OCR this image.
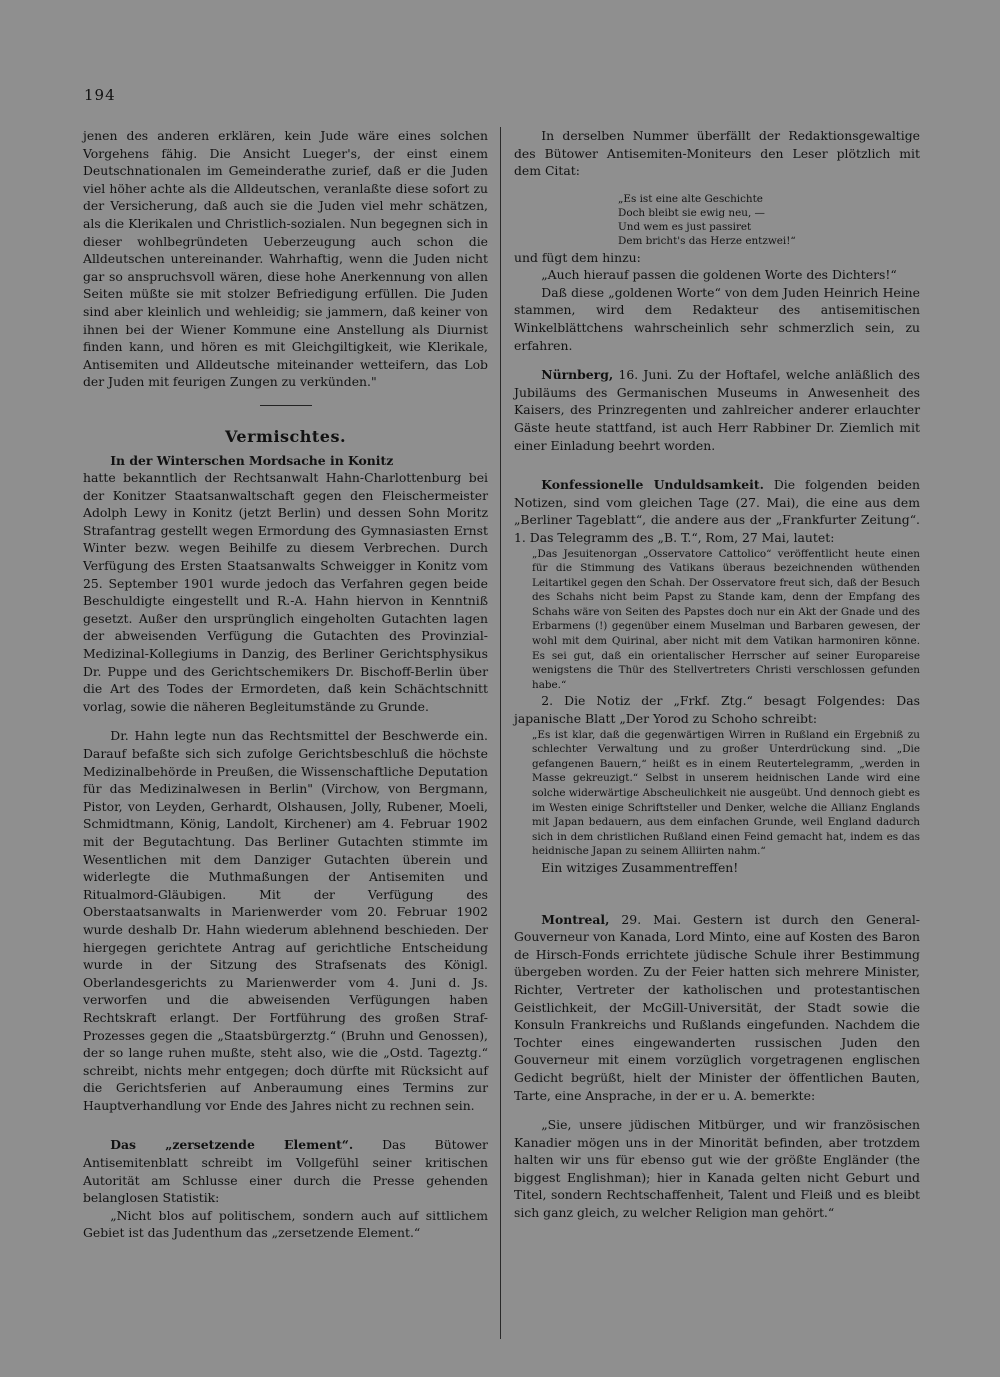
194

jenen des anderen erklären, kein Jude wäre eines solchen Vorgehens fähig. Die Ansicht Lueger's, der einst einem Deutschnationalen im Gemeinderathe zurief, daß er die Juden viel höher achte als die Alldeutschen, veranlaßte diese sofort zu der Versicherung, daß auch sie die Juden viel mehr schätzen, als die Klerikalen und Christlich-sozialen. Nun begegnen sich in dieser wohlbegründeten Ueberzeugung auch schon die Alldeutschen untereinander. Wahrhaftig, wenn die Juden nicht gar so anspruchsvoll wären, diese hohe Anerkennung von allen Seiten müßte sie mit stolzer Befriedigung erfüllen. Die Juden sind aber kleinlich und wehleidig; sie jammern, daß keiner von ihnen bei der Wiener Kommune eine Anstellung als Diurnist finden kann, und hören es mit Gleichgiltigkeit, wie Klerikale, Antisemiten und Alldeutsche miteinander wetteifern, das Lob der Juden mit feurigen Zungen zu verkünden."

Vermischtes.

In der Winterschen Mordsache in Konitz

hatte bekanntlich der Rechtsanwalt Hahn-Charlottenburg bei der Konitzer Staatsanwaltschaft gegen den Fleischermeister Adolph Lewy in Konitz (jetzt Berlin) und dessen Sohn Moritz Strafantrag gestellt wegen Ermordung des Gymnasiasten Ernst Winter bezw. wegen Beihilfe zu diesem Verbrechen. Durch Verfügung des Ersten Staatsanwalts Schweigger in Konitz vom 25. September 1901 wurde jedoch das Verfahren gegen beide Beschuldigte eingestellt und R.-A. Hahn hiervon in Kenntniß gesetzt. Außer den ursprünglich eingeholten Gutachten lagen der abweisenden Verfügung die Gutachten des Provinzial-Medizinal-Kollegiums in Danzig, des Berliner Gerichtsphysikus Dr. Puppe und des Gerichtschemikers Dr. Bischoff-Berlin über die Art des Todes der Ermordeten, daß kein Schächtschnitt vorlag, sowie die näheren Begleitumstände zu Grunde.

Dr. Hahn legte nun das Rechtsmittel der Beschwerde ein. Darauf befaßte sich sich zufolge Gerichtsbeschluß die höchste Medizinalbehörde in Preußen, die Wissenschaftliche Deputation für das Medizinalwesen in Berlin" (Virchow, von Bergmann, Pistor, von Leyden, Gerhardt, Olshausen, Jolly, Rubener, Moeli, Schmidtmann, König, Landolt, Kirchener) am 4. Februar 1902 mit der Begutachtung. Das Berliner Gutachten stimmte im Wesentlichen mit dem Danziger Gutachten überein und widerlegte die Muthmaßungen der Antisemiten und Ritualmord-Gläubigen. Mit der Verfügung des Oberstaatsanwalts in Marienwerder vom 20. Februar 1902 wurde deshalb Dr. Hahn wiederum ablehnend beschieden. Der hiergegen gerichtete Antrag auf gerichtliche Entscheidung wurde in der Sitzung des Strafsenats des Königl. Oberlandesgerichts zu Marienwerder vom 4. Juni d. Js. verworfen und die abweisenden Verfügungen haben Rechtskraft erlangt. Der Fortführung des großen Straf-Prozesses gegen die „Staatsbürgerztg.“ (Bruhn und Genossen), der so lange ruhen mußte, steht also, wie die „Ostd. Tageztg.“ schreibt, nichts mehr entgegen; doch dürfte mit Rücksicht auf die Gerichtsferien auf Anberaumung eines Termins zur Hauptverhandlung vor Ende des Jahres nicht zu rechnen sein.

Das „zersetzende Element“. Das Bütower Antisemitenblatt schreibt im Vollgefühl seiner kritischen Autorität am Schlusse einer durch die Presse gehenden belanglosen Statistik:

„Nicht blos auf politischem, sondern auch auf sittlichem Gebiet ist das Judenthum das „zersetzende Element.“

In derselben Nummer überfällt der Redaktionsgewaltige des Bütower Antisemiten-Moniteurs den Leser plötzlich mit dem Citat:

„Es ist eine alte Geschichte
Doch bleibt sie ewig neu, —
Und wem es just passiret
Dem bricht's das Herze entzwei!“

und fügt dem hinzu:

„Auch hierauf passen die goldenen Worte des Dichters!“

Daß diese „goldenen Worte“ von dem Juden Heinrich Heine stammen, wird dem Redakteur des antisemitischen Winkelblättchens wahrscheinlich sehr schmerzlich sein, zu erfahren.

Nürnberg, 16. Juni. Zu der Hoftafel, welche anläßlich des Jubiläums des Germanischen Museums in Anwesenheit des Kaisers, des Prinzregenten und zahlreicher anderer erlauchter Gäste heute stattfand, ist auch Herr Rabbiner Dr. Ziemlich mit einer Einladung beehrt worden.

Konfessionelle Unduldsamkeit. Die folgenden beiden Notizen, sind vom gleichen Tage (27. Mai), die eine aus dem „Berliner Tageblatt“, die andere aus der „Frankfurter Zeitung“. 1. Das Telegramm des „B. T.“, Rom, 27 Mai, lautet:

„Das Jesuitenorgan „Osservatore Cattolico“ veröffentlicht heute einen für die Stimmung des Vatikans überaus bezeichnenden wüthenden Leitartikel gegen den Schah. Der Osservatore freut sich, daß der Besuch des Schahs nicht beim Papst zu Stande kam, denn der Empfang des Schahs wäre von Seiten des Papstes doch nur ein Akt der Gnade und des Erbarmens (!) gegenüber einem Muselman und Barbaren gewesen, der wohl mit dem Quirinal, aber nicht mit dem Vatikan harmoniren könne. Es sei gut, daß ein orientalischer Herrscher auf seiner Europareise wenigstens die Thür des Stellvertreters Christi verschlossen gefunden habe.“

2. Die Notiz der „Frkf. Ztg.“ besagt Folgendes: Das japanische Blatt „Der Yorod zu Schoho schreibt:

„Es ist klar, daß die gegenwärtigen Wirren in Rußland ein Ergebniß zu schlechter Verwaltung und zu großer Unterdrückung sind. „Die gefangenen Bauern,“ heißt es in einem Reutertelegramm, „werden in Masse gekreuzigt.“ Selbst in unserem heidnischen Lande wird eine solche widerwärtige Abscheulichkeit nie ausgeübt. Und dennoch giebt es im Westen einige Schriftsteller und Denker, welche die Allianz Englands mit Japan bedauern, aus dem einfachen Grunde, weil England dadurch sich in dem christlichen Rußland einen Feind gemacht hat, indem es das heidnische Japan zu seinem Alliirten nahm.“

Ein witziges Zusammentreffen!

Montreal, 29. Mai. Gestern ist durch den General-Gouverneur von Kanada, Lord Minto, eine auf Kosten des Baron de Hirsch-Fonds errichtete jüdische Schule ihrer Bestimmung übergeben worden. Zu der Feier hatten sich mehrere Minister, Richter, Vertreter der katholischen und protestantischen Geistlichkeit, der McGill-Universität, der Stadt sowie die Konsuln Frankreichs und Rußlands eingefunden. Nachdem die Tochter eines eingewanderten russischen Juden den Gouverneur mit einem vorzüglich vorgetragenen englischen Gedicht begrüßt, hielt der Minister der öffentlichen Bauten, Tarte, eine Ansprache, in der er u. A. bemerkte:

„Sie, unsere jüdischen Mitbürger, und wir französischen Kanadier mögen uns in der Minorität befinden, aber trotzdem halten wir uns für ebenso gut wie der größte Engländer (the biggest Englishman); hier in Kanada gelten nicht Geburt und Titel, sondern Rechtschaffenheit, Talent und Fleiß und es bleibt sich ganz gleich, zu welcher Religion man gehört.“
